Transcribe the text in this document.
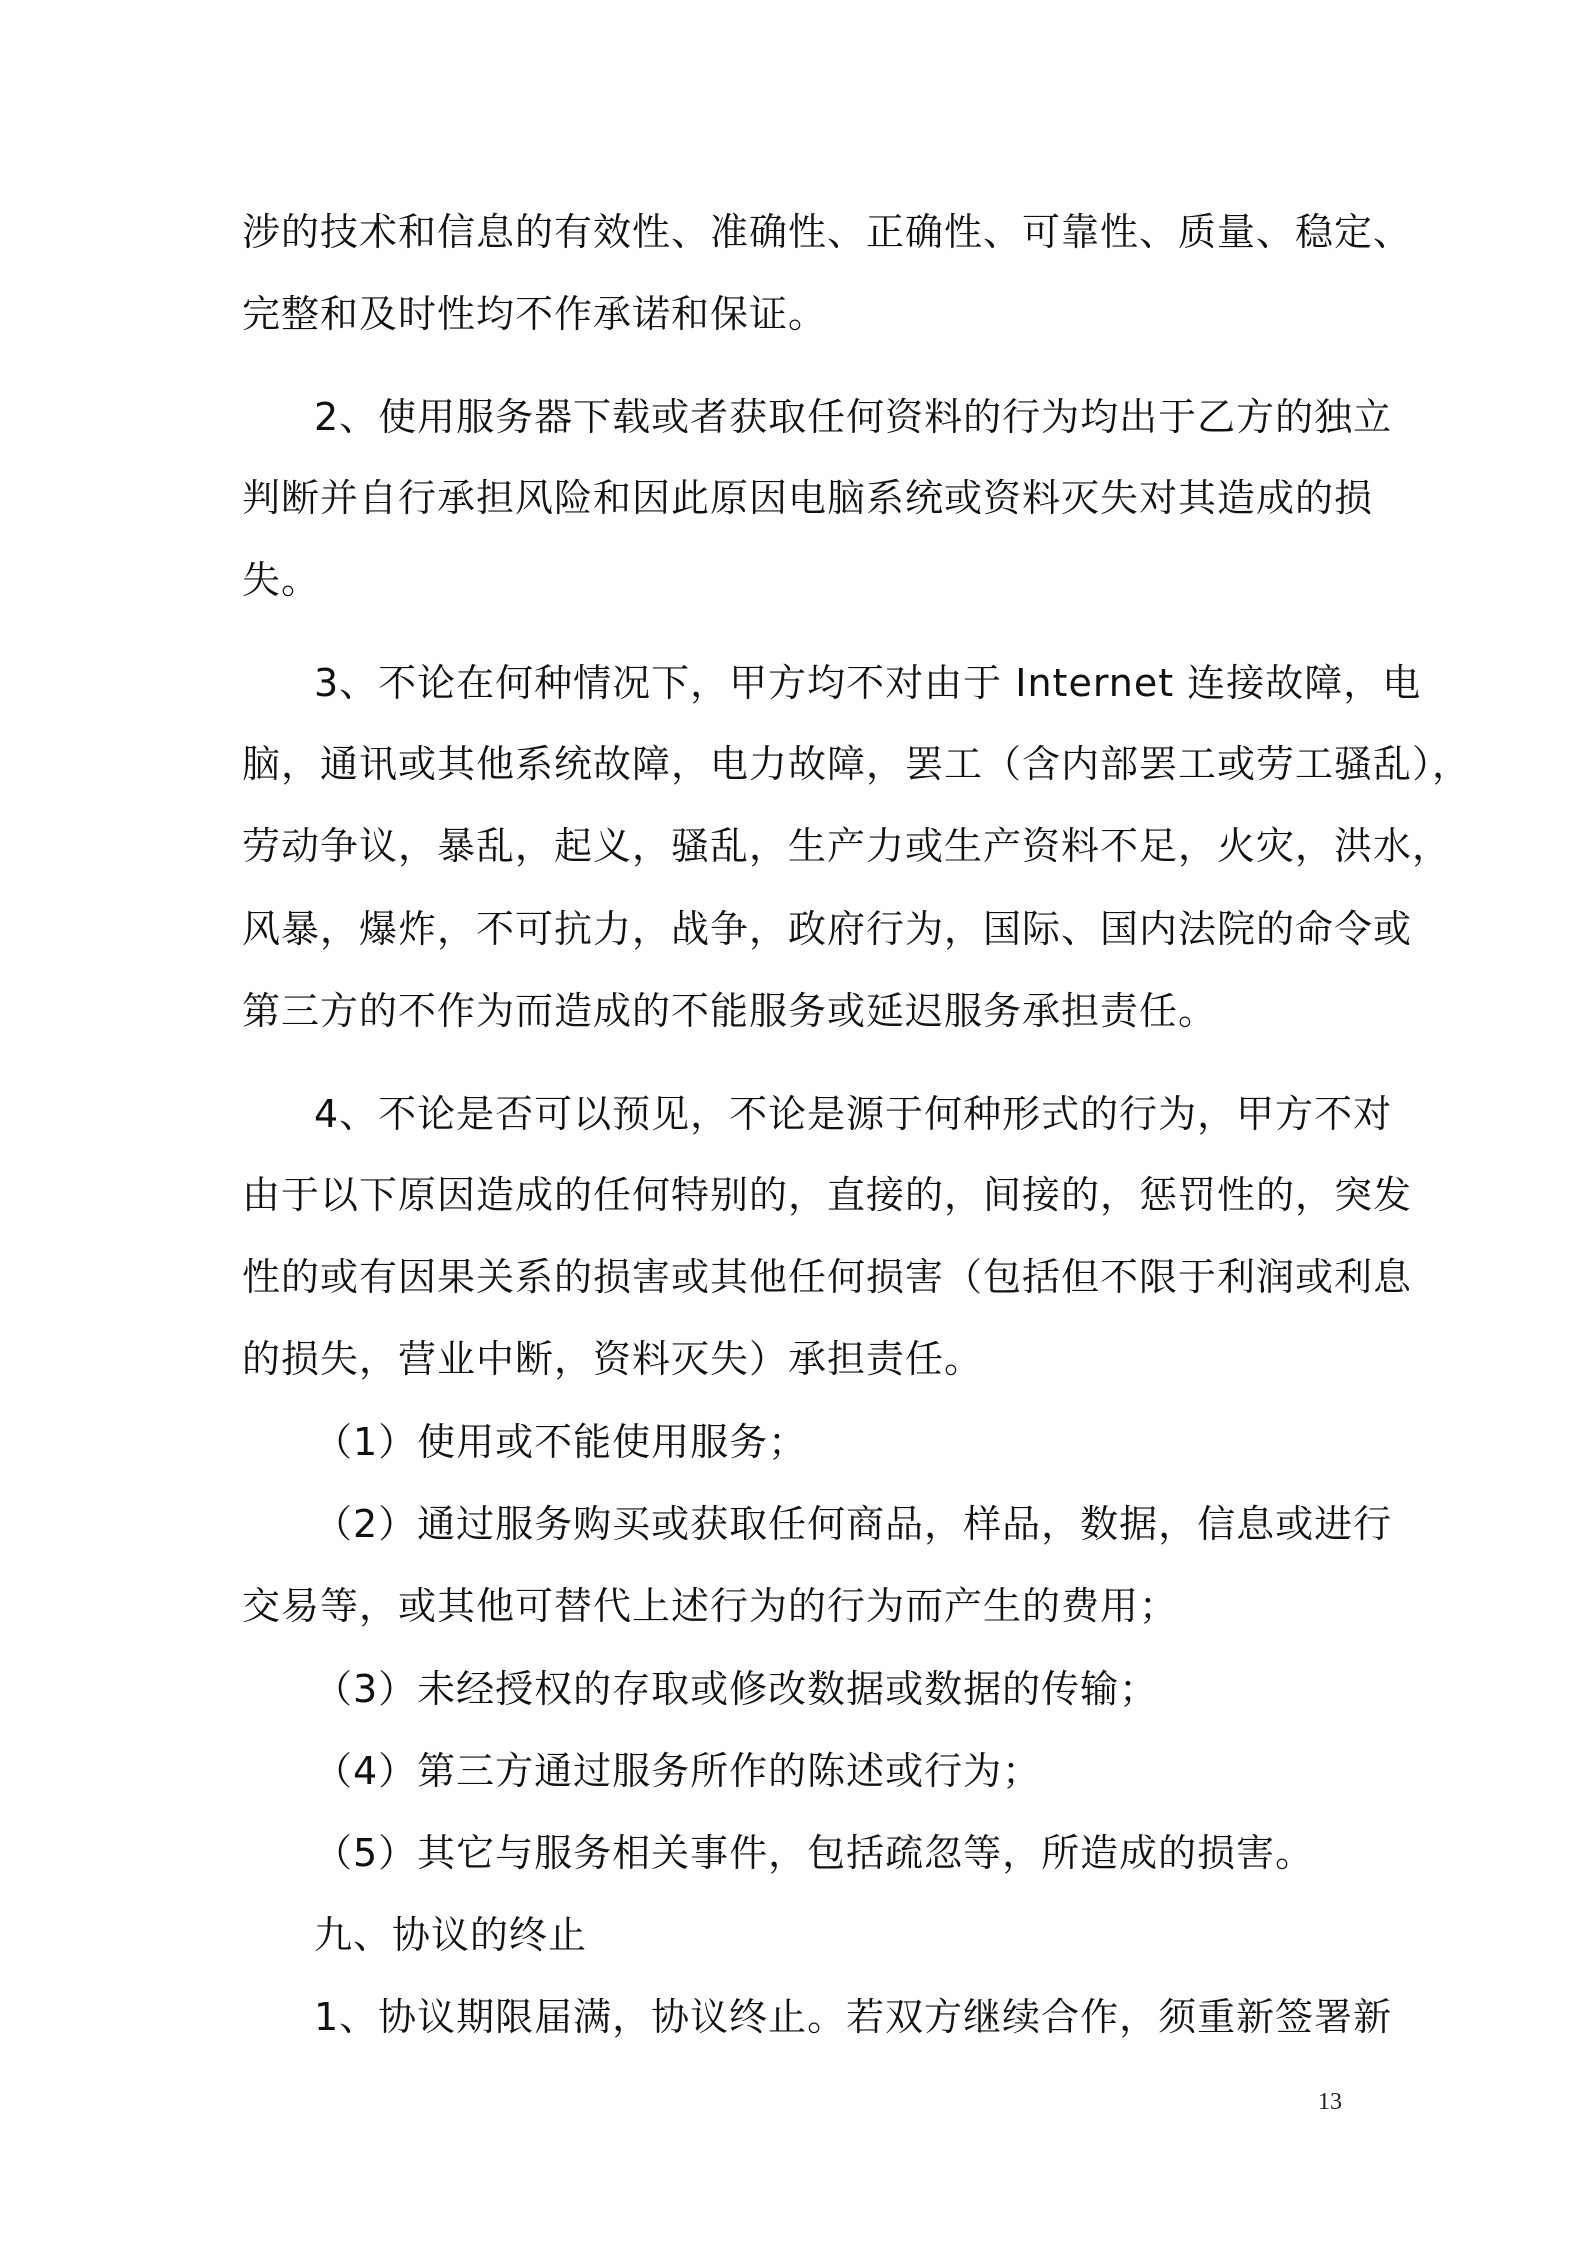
涉的技术和信息的有效性、准确性、正确性、可靠性、质量、稳定、
完整和及时性均不作承诺和保证。
2、使用服务器下载或者获取任何资料的行为均出于乙方的独立
判断并自行承担风险和因此原因电脑系统或资料灭失对其造成的损
失。
3、不论在何种情况下，甲方均不对由于 Internet 连接故障，电
脑，通讯或其他系统故障，电力故障，罢工（含内部罢工或劳工骚乱），
劳动争议，暴乱，起义，骚乱，生产力或生产资料不足，火灾，洪水，
风暴，爆炸，不可抗力，战争，政府行为，国际、国内法院的命令或
第三方的不作为而造成的不能服务或延迟服务承担责任。
4、不论是否可以预见，不论是源于何种形式的行为，甲方不对
由于以下原因造成的任何特别的，直接的，间接的，惩罚性的，突发
性的或有因果关系的损害或其他任何损害（包括但不限于利润或利息
的损失，营业中断，资料灭失）承担责任。
（1）使用或不能使用服务；
（2）通过服务购买或获取任何商品，样品，数据，信息或进行
交易等，或其他可替代上述行为的行为而产生的费用；
（3）未经授权的存取或修改数据或数据的传输；
（4）第三方通过服务所作的陈述或行为；
（5）其它与服务相关事件，包括疏忽等，所造成的损害。
九、协议的终止
1、协议期限届满，协议终止。若双方继续合作，须重新签署新
13
